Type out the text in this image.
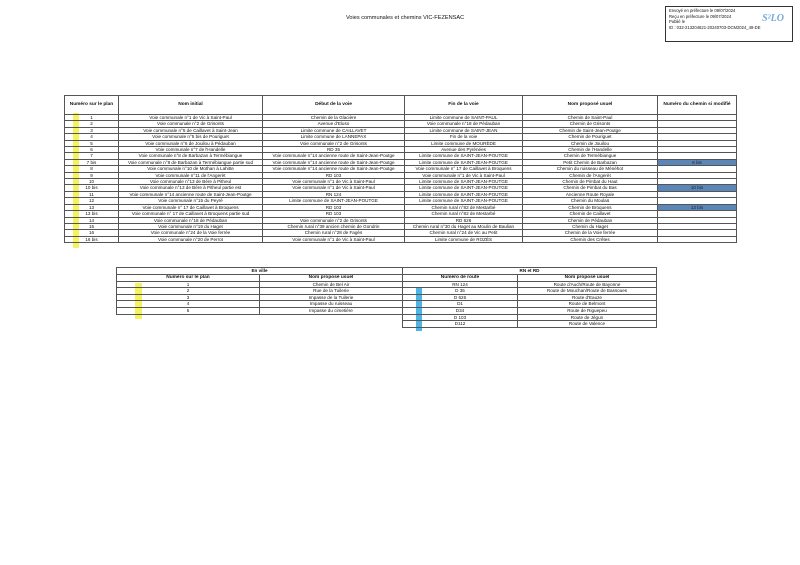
Voies communales et chemins VIC-FEZENSAC
Envoyé en préfecture le 09/07/2024
Reçu en préfecture le 09/07/2024
Publié le
ID : 032-213204621-20240703-DCM2024_48-DE
S²LO
Numéro sur le plan	Nom initial	Début de la voie	Fin de la voie	Nom proposé usuel	Numéro du chemin si modifié
1	Voie communale n°1 de Vic à Saint-Paul	Chemin de la Glacière	Limite commune de SAINT-PAUL	Chemin de Saint-Paul	
2	Voie communale n°2 de Grisonts	Avenue d'Eluso	Voie communale n°18 de Pédauban	Chemin de Grisonts	
3	Voie communale n°5 de Caillavet à Saint-Jean	Limite commune de CAILLAVET	Limite commune de SAINT-JEAN	Chemin de Saint-Jean-Poutge	
4	Voie communale n°5 bis de Pouriguet	Limite commune de LANNEPAX	Fin de la voie	Chemin de Pouriguet	
5	Voie communale n°6 de Jouilou à Pédauban	Voie communale n°2 de Grisonts	Limite commune de MOURÈDE	Chemin de Jouilou	
6	Voie communale n°7 de l'Handelle	RD 35	Avenue des Pyrénées	Chemin de l'Handelle	
7	Voie communale n°8 de Barbazan à Termébiangue	Voie communale n°14 ancienne route de Saint-Jean-Poutge	Limite commune de SAINT-JEAN-POUTGE	Chemin de Termébiangue	
7 bis	Voie communale n°8 de Barbazan à Termébiangue partie sud	Voie communale n°14 ancienne route de Saint-Jean-Poutge	Limite commune de SAINT-JEAN-POUTGE	Petit Chemin de Barbazan	8 bis
8	Voie communale n°10 de Mothan à Lahitte	Voie communale n°14 ancienne route de Saint-Jean-Poutge	Voie communale n° 17 de Caillavet à Broquens	Chemin du ruisseau de Ménéhot	
9	Voie communale n°11 de l'Angerèt	RD 103	Voie communale n°1 de Vic à Saint-Paul	Chemin de l'Angerèt	
10	Voie communale n°13 de Bère à Pitheul	Voie communale n°1 de Vic à Saint-Paul	Limite commune de SAINT-JEAN-POUTGE	Chemin de Pimbat du Haut	
10 bis	Voie communale n°13 de Bère à Pitheul partie est	Voie communale n°1 de Vic à Saint-Paul	Limite commune de SAINT-JEAN-POUTGE	Chemin de Pimbat du Bas	10 bis
11	Voie communale n°14 ancienne route de Saint-Jean-Poutge	RN 124	Limite commune de SAINT-JEAN-POUTGE	Ancienne Route Royale	
12	Voie communale n°15 du Peyré	Limite commune de SAINT-JEAN-POUTGE	Limite commune de SAINT-JEAN-POUTGE	Chemin du Moulaü	
13	Voie communale n° 17 de Caillavet à Broquens	RD 103	Chemin rural n°82 de Mestarbé	Chemin de Broquens	13 bis
13 bis	Voie communale n° 17 de Caillavet à Broquens partie sud	RD 103	Chemin rural n°82 de Mestarbé	Chemin de Caillavet	
14	Voie communale n°18 de Pédauban	Voie communale n°2 de Grisonts	RD 626	Chemin de Pédauban	
15	Voie communale n°19 du Haget	Chemin rural n°39 ancien chemin de Gondrin	Chemin rural n°30 du Haget au Moulin de Baulian	Chemin du Haget	
16	Voie communale n°24 de la Voie ferrée	Chemin rural n°28 de Fagès	Chemin rural n°24 de Vic au Petit	Chemin de la Voie ferrée	
16 bis	Voie communale n°20 de Perrot	Voie communale n°1 de Vic à Saint-Paul	Limite commune de ROZÈS	Chemin des Crêtes	
En ville	
Numéro sur le plan	Nom proposé usuel
1	Chemin de Bel Air
2	Rue de la Tuilerie
3	Impasse de la Tuilerie
4	Impasse du ruisseau
5	Impasse du cimetière
RN et RD	
Numéro de route	Nom proposé usuel
RN 124	Route d'Auch/Route de Bayonne
D 35	Route de Mouchan/Route de Bassoues
D 626	Route d'Eauze
D1	Route de Belmont
D34	Route de Riguepeu
D 103	Route de Jégun
D112	Route de Valence
